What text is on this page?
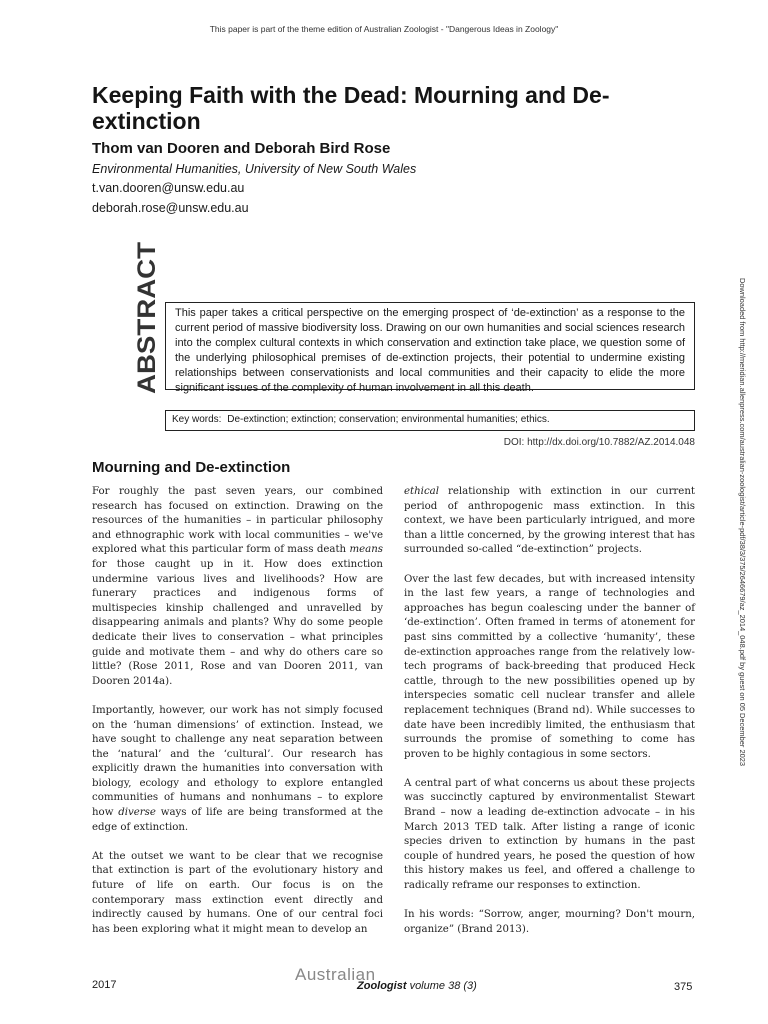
This paper is part of the theme edition of Australian Zoologist - "Dangerous Ideas in Zoology"
Keeping Faith with the Dead: Mourning and De-extinction
Thom van Dooren and Deborah Bird Rose
Environmental Humanities, University of New South Wales
t.van.dooren@unsw.edu.au
deborah.rose@unsw.edu.au
ABSTRACT	This paper takes a critical perspective on the emerging prospect of ‘de-extinction’ as a response to the current period of massive biodiversity loss. Drawing on our own humanities and social sciences research into the complex cultural contexts in which conservation and extinction take place, we question some of the underlying philosophical premises of de-extinction projects, their potential to undermine existing relationships between conservationists and local communities and their capacity to elide the more significant issues of the complexity of human involvement in all this death.
Key words: De-extinction; extinction; conservation; environmental humanities; ethics.
DOI: http://dx.doi.org/10.7882/AZ.2014.048	Downloaded from http://meridian.allenpress.com/australian-zoologist/article-pdf/38/3/375/2646679/az_2014_048.pdf by guest on 05 December 2023
Mourning and De-extinction

For roughly the past seven years, our combined research has focused on extinction. Drawing on the resources of the humanities – in particular philosophy and ethnographic work with local communities – we've explored what this particular form of mass death means for those caught up in it. How does extinction undermine various lives and livelihoods? How are funerary practices and indigenous forms of multispecies kinship challenged and unravelled by disappearing animals and plants? Why do some people dedicate their lives to conservation – what principles guide and motivate them – and why do others care so little? (Rose 2011, Rose and van Dooren 2011, van Dooren 2014a).

Importantly, however, our work has not simply focused on the ‘human dimensions’ of extinction. Instead, we have sought to challenge any neat separation between the ‘natural’ and the ‘cultural’. Our research has explicitly drawn the humanities into conversation with biology, ecology and ethology to explore entangled communities of humans and nonhumans – to explore how diverse ways of life are being transformed at the edge of extinction.

At the outset we want to be clear that we recognise that extinction is part of the evolutionary history and future of life on earth. Our focus is on the contemporary mass extinction event directly and indirectly caused by humans. One of our central foci has been exploring what it might mean to develop an

ethical relationship with extinction in our current period of anthropogenic mass extinction. In this context, we have been particularly intrigued, and more than a little concerned, by the growing interest that has surrounded so-called “de-extinction” projects.

Over the last few decades, but with increased intensity in the last few years, a range of technologies and approaches has begun coalescing under the banner of ‘de-extinction’. Often framed in terms of atonement for past sins committed by a collective ‘humanity’, these de-extinction approaches range from the relatively low-tech programs of back-breeding that produced Heck cattle, through to the new possibilities opened up by interspecies somatic cell nuclear transfer and allele replacement techniques (Brand nd). While successes to date have been incredibly limited, the enthusiasm that surrounds the promise of something to come has proven to be highly contagious in some sectors.

A central part of what concerns us about these projects was succinctly captured by environmentalist Stewart Brand – now a leading de-extinction advocate – in his March 2013 TED talk. After listing a range of iconic species driven to extinction by humans in the past couple of hundred years, he posed the question of how this history makes us feel, and offered a challenge to radically reframe our responses to extinction.

In his words: “Sorrow, anger, mourning? Don't mourn, organize” (Brand 2013).

2017
Australian
Zoologist volume 38 (3)	375
